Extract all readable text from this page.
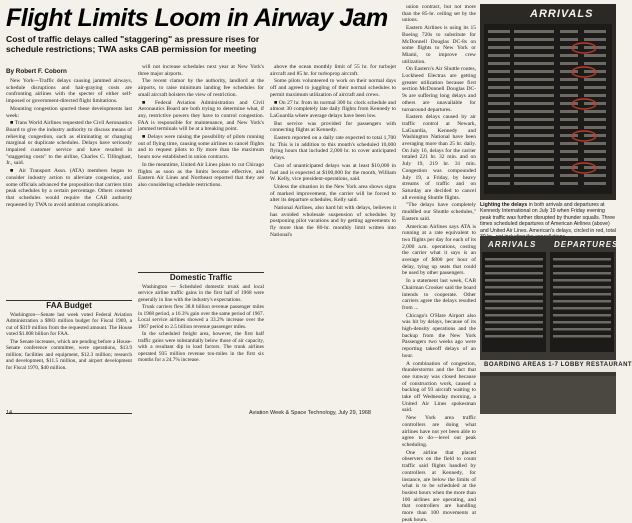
Flight Limits Loom in Airway Jam
Cost of traffic delays called "staggering" as pressure rises for schedule restrictions; TWA asks CAB permission for meeting
By Robert F. Coborn

New York—Traffic delays causing jammed airways, schedule disruptions and hair-graying costs are confronting airlines with the specter of either self-imposed or government-directed flight limitations.

Mounting congestion spurred these developments last week:

■ Trans World Airlines requested the Civil Aeronautics Board to give the industry authority to discuss means of relieving congestion, such as eliminating or changing marginal or duplicate schedules. Delays have seriously impaired customer service and have resulted in "staggering costs" to the airline, Charles C. Tillinghast, Jr., said.

■ Air Transport Assn. (ATA) members began to consider industry action to alleviate congestion, and some officials advanced the proposition that carriers trim peak schedules by a certain percentage. Others contend that schedules would require the CAB authority requested by TWA to avoid antitrust complications.

will not increase schedules next year at New York's three major airports.

The recent clamor by the authority, landlord at the airports, to raise minimum landing fee schedules for small aircraft bolsters the view of restriction.

■ Federal Aviation Administration and Civil Aeronautics Board are both trying to determine what, if any, restrictive powers they have to control congestion. FAA is responsible for maintenance, and New York's jammed terminals will be at a breaking point.

■ Delays were raising the possibility of pilots running out of flying time, causing some airlines to cancel flights and to request pilots to fly more than the maximum hours now established in union contracts.

In the meantime, United Air Lines plans to cut Chicago flights as soon as the limits become effective, and Eastern Air Lines and Northeast reported that they are also considering schedule restrictions.

above the ocean monthly limit of 55 hr. for turbojet aircraft and 85 hr. for turboprop aircraft.

Some pilots volunteered to work on their normal days off and agreed to juggling of their normal schedules to permit maximum utilization of aircraft and crews.

■ On 27 hr. from its normal 300 hr. clock schedule and almost 30 completely late daily flights from Kennedy to LaGuardia where average delays have been low.

But service was provided for passengers with connecting flights at Kennedy.

Eastern reported on a daily rate expected to total 1,700 hr. This is in addition to this month's scheduled 10,000 flying hours that included 2,000 hr. to cover anticipated delays.

Cost of unanticipated delays was at least $10,000 in fuel and is expected at $100,000 for the month, William W. Kelly, vice president-operations, said.

Unless the situation in the New York area shows signs of marked improvement, the carrier will be forced to alter its departure schedules, Kelly said.

National Airlines, also hard hit with delays, believes it has avoided wholesale suspension of schedules by postponing pilot vacations and by getting agreements to fly more than the 80-hr. monthly limit written into National's

union contract, but not more than the 85-hr. ceiling set by the unions.

Eastern Airlines is using its 15 Boeing 720s to substitute for McDonnell Douglas DC-8s on some flights to New York or Miami, to improve crew utilization.

On Eastern's Air Shuttle routes, Lockheed Electras are getting greater utilization because first section McDonnell Douglas DC-9s are suffering long delays and others are unavailable for turnaround departures.

Eastern delays caused by air traffic control at Newark, LaGuardia, Kennedy and Washington National have been averaging more than 25 hr. daily. On July 16, delays for the carrier totaled 221 hr. 32 min. and on July 19, 219 hr. 31 min. Congestion was compounded July 19, a Friday, by heavy streams of traffic and on Saturday are decided to cancel all evening Shuttle flights.

"The delays have completely muddled our Shuttle schedules," Eastern said.

American Airlines says ATA is running at a rate equivalent to two flights per day for each of its 2,000 a.m. operations, costing the carrier what it says is an average of $800 per hour of delay, tying up seats that could be used by other passengers.

In a statement last week, CAB Chairman Crooker said the board intends to cooperate. Other carriers agree the delays resulted from ...

Chicago's O'Hare Airport also was hit by delays, because of its high-density operations and the backup from the New York Passengers two weeks ago were reporting takeoff delays of an hour.

A combination of congestion, thunderstorms and the fact that one runway was closed because of construction work, caused a backlog of 93 aircraft waiting to take off Wednesday morning, a United Air Lines spokesman said.

New York area traffic controllers are doing what airlines have not yet been able to agree to do—level out peak scheduling.

One airline that placed observers on the field to count traffic said flights handled by controllers at Kennedy, for instance, are below the limits of what is to be scheduled at the busiest hours when the more than 100 airlines are operating, and that controllers are handling more than 100 movements at peak hours.

FAA Budget

Washington—Senate last week voted Federal Aviation Administration a $983 million budget for Fiscal 1969, a cut of $319 million from the requested amount. The House voted $1.008 billion for FAA.

The Senate increases, which are pending before a House-Senate conference committee, were operations, $13.9 million; facilities and equipment, $12.3 million; research and development, $11.5 million, and airport development for Fiscal 1970, $40 million.

Domestic Traffic

Washington — Scheduled domestic trunk and local service airline traffic gains in the first half of 1968 were generally in line with the industry's expectations.

Trunk carriers flew 38.8 billion revenue passenger miles in 1968 period, a 16.3% gain over the same period of 1967. Local service airlines showed a 33.2% increase over the 1967 period to 2.5 billion revenue passenger miles.

In the scheduled freight area, however, the first half traffic gains were substantially below those of air capacity, with a resultant dip in load factors. The trunk airlines operated 935 million revenue ton-miles in the first six months for a 24.7% increase.

ARRIVALS
Lighting the delays in both arrivals and departures at Kennedy International on July 19 when Friday evening peak traffic was further disrupted by thunder squalls. Three times scheduled departures of American Airlines (above) and United Air Lines. American's delays, circled in red, total
ARRIVALS DEPARTURES
BOARDING AREAS 1-7 LOBBY RESTAURANT
14	Aviation Week & Space Technology, July 29, 1968
